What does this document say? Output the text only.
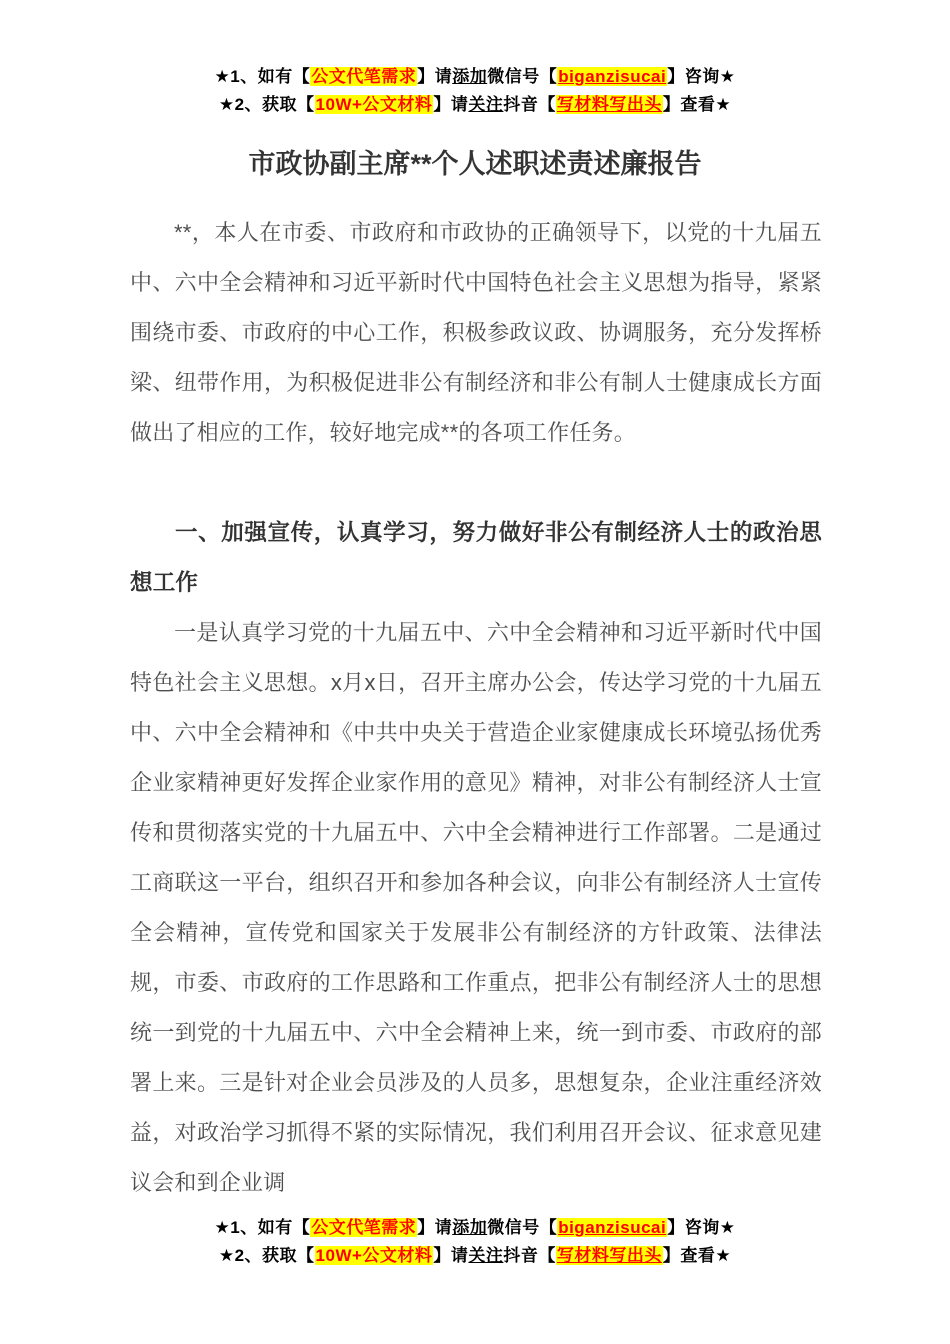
★1、如有【公文代笔需求】请添加微信号【biganzisucai】咨询★
★2、获取【10W+公文材料】请关注抖音【写材料写出头】查看★
市政协副主席**个人述职述责述廉报告

**，本人在市委、市政府和市政协的正确领导下，以党的十九届五中、六中全会精神和习近平新时代中国特色社会主义思想为指导，紧紧围绕市委、市政府的中心工作，积极参政议政、协调服务，充分发挥桥梁、纽带作用，为积极促进非公有制经济和非公有制人士健康成长方面做出了相应的工作，较好地完成**的各项工作任务。

一、加强宣传，认真学习，努力做好非公有制经济人士的政治思想工作

一是认真学习党的十九届五中、六中全会精神和习近平新时代中国特色社会主义思想。x月x日，召开主席办公会，传达学习党的十九届五中、六中全会精神和《中共中央关于营造企业家健康成长环境弘扬优秀企业家精神更好发挥企业家作用的意见》精神，对非公有制经济人士宣传和贯彻落实党的十九届五中、六中全会精神进行工作部署。二是通过工商联这一平台，组织召开和参加各种会议，向非公有制经济人士宣传全会精神，宣传党和国家关于发展非公有制经济的方针政策、法律法规，市委、市政府的工作思路和工作重点，把非公有制经济人士的思想统一到党的十九届五中、六中全会精神上来，统一到市委、市政府的部署上来。三是针对企业会员涉及的人员多，思想复杂，企业注重经济效益，对政治学习抓得不紧的实际情况，我们利用召开会议、征求意见建议会和到企业调

★1、如有【公文代笔需求】请添加微信号【biganzisucai】咨询★
★2、获取【10W+公文材料】请关注抖音【写材料写出头】查看★
